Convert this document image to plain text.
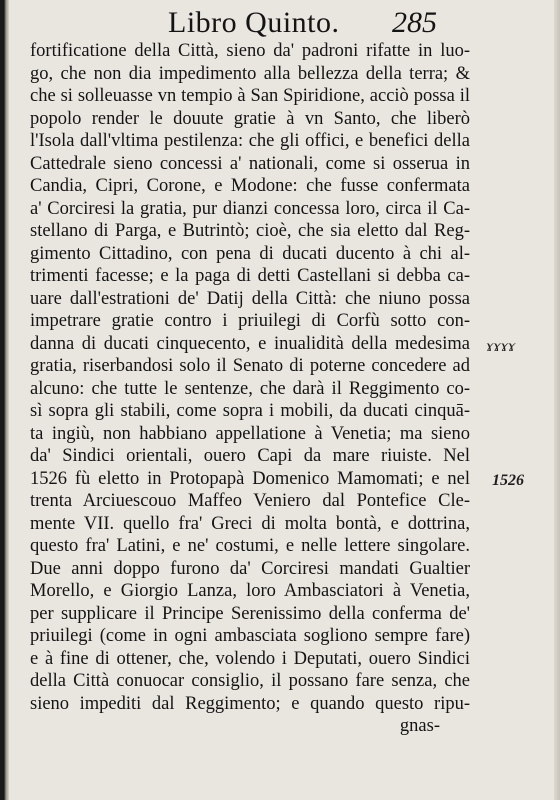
Libro Quinto. 285
fortificatione della Città, sieno da' padroni rifatte in luo-
go, che non dia impedimento alla bellezza della terra; &
che si solleuasse vn tempio à San Spiridione, acciò possa il
popolo render le douute gratie à vn Santo, che liberò
l'Isola dall'vltima pestilenza: che gli offici, e benefici della
Cattedrale sieno concessi a' nationali, come si osserua in
Candia, Cipri, Corone, e Modone: che fusse confermata
a' Corciresi la gratia, pur dianzi concessa loro, circa il Ca-
stellano di Parga, e Butrintò; cioè, che sia eletto dal Reg-
gimento Cittadino, con pena di ducati ducento à chi al-
trimenti facesse; e la paga di detti Castellani si debba ca-
uare dall'estrationi de' Datij della Città: che niuno possa
impetrare gratie contro i priuilegi di Corfù sotto con-
danna di ducati cinquecento, e inualidità della medesima
gratia, riserbandosi solo il Senato di poterne concedere ad
alcuno: che tutte le sentenze, che darà il Reggimento co-
sì sopra gli stabili, come sopra i mobili, da ducati cinquā-
ta ingiù, non habbiano appellatione à Venetia; ma sieno
da' Sindici orientali, ouero Capi da mare riuiste. Nel
1526 fù eletto in Protopapà Domenico Mamomati; e nel
trenta Arciuescouo Maffeo Veniero dal Pontefice Cle-
mente VII. quello fra' Greci di molta bontà, e dottrina,
questo fra' Latini, e ne' costumi, e nelle lettere singolare.
Due anni doppo furono da' Corciresi mandati Gualtier
Morello, e Giorgio Lanza, loro Ambasciatori à Venetia,
per supplicare il Principe Serenissimo della conferma de'
priuilegi (come in ogni ambasciata sogliono sempre fare)
e à fine di ottener, che, volendo i Deputati, ouero Sindici
della Città conuocar consiglio, il possano fare senza, che
sieno impediti dal Reggimento; e quando questo ripu-
gnas-
ɤɤɤɤ
1526
